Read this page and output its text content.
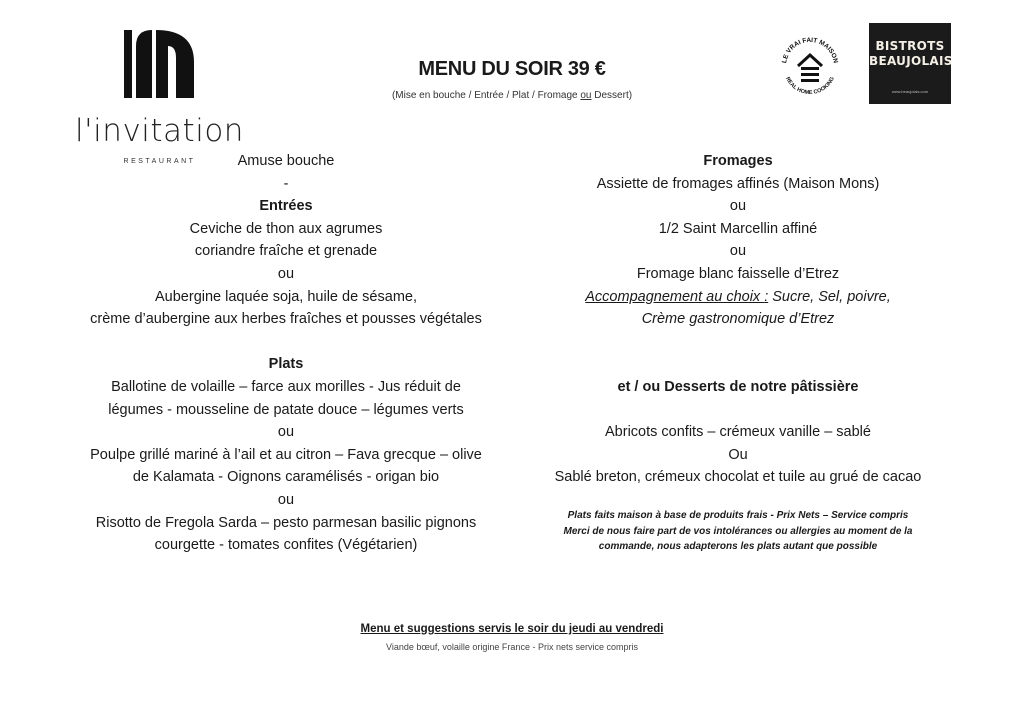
l'invitation
RESTAURANT
MENU DU SOIR 39 €
(Mise en bouche / Entrée / Plat / Fromage ou Dessert)
LE VRAI FAIT MAISON
REAL HOME COOKING
BISTROTS
BEAUJOLAIS
www.beaujolais.com
Amuse bouche
-
Entrées
Ceviche de thon aux agrumes
coriandre fraîche et grenade
ou
Aubergine laquée soja, huile de sésame,
crème d’aubergine aux herbes fraîches et pousses végétales
Plats
Ballotine de volaille – farce aux morilles - Jus réduit de
légumes - mousseline de patate douce – légumes verts
ou
Poulpe grillé mariné à l’ail et au citron – Fava grecque – olive
de Kalamata - Oignons caramélisés - origan bio
ou
Risotto de Fregola Sarda – pesto parmesan basilic pignons
courgette - tomates confites (Végétarien)
Fromages
Assiette de fromages affinés (Maison Mons)
ou
1/2 Saint Marcellin affiné
ou
Fromage blanc faisselle d’Etrez
Accompagnement au choix : Sucre, Sel, poivre,
Crème gastronomique d’Etrez
et / ou Desserts de notre pâtissière
Abricots confits – crémeux vanille – sablé
Ou
Sablé breton, crémeux chocolat et tuile au grué de cacao
Plats faits maison à base de produits frais - Prix Nets – Service compris
Merci de nous faire part de vos intolérances ou allergies au moment de la
commande, nous adapterons les plats autant que possible
Menu et suggestions servis le soir du jeudi au vendredi
Viande bœuf, volaille origine France - Prix nets service compris
